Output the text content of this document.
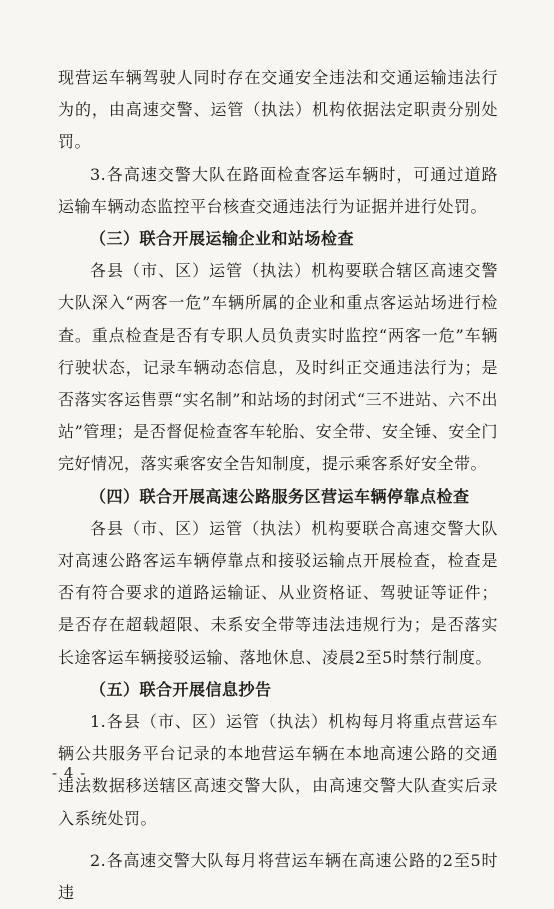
现营运车辆驾驶人同时存在交通安全违法和交通运输违法行为的，由高速交警、运管（执法）机构依据法定职责分别处罚。

3.各高速交警大队在路面检查客运车辆时，可通过道路运输车辆动态监控平台核查交通违法行为证据并进行处罚。

（三）联合开展运输企业和站场检查

各县（市、区）运管（执法）机构要联合辖区高速交警大队深入“两客一危”车辆所属的企业和重点客运站场进行检查。重点检查是否有专职人员负责实时监控“两客一危”车辆行驶状态，记录车辆动态信息，及时纠正交通违法行为；是否落实客运售票“实名制”和站场的封闭式“三不进站、六不出站”管理；是否督促检查客车轮胎、安全带、安全锤、安全门完好情况，落实乘客安全告知制度，提示乘客系好安全带。

（四）联合开展高速公路服务区营运车辆停靠点检查

各县（市、区）运管（执法）机构要联合高速交警大队对高速公路客运车辆停靠点和接驳运输点开展检查，检查是否有符合要求的道路运输证、从业资格证、驾驶证等证件；是否存在超载超限、未系安全带等违法违规行为；是否落实长途客运车辆接驳运输、落地休息、凌晨2至5时禁行制度。

（五）联合开展信息抄告

1.各县（市、区）运管（执法）机构每月将重点营运车辆公共服务平台记录的本地营运车辆在本地高速公路的交通违法数据移送辖区高速交警大队，由高速交警大队查实后录入系统处罚。

2.各高速交警大队每月将营运车辆在高速公路的2至5时违

- 4 -
